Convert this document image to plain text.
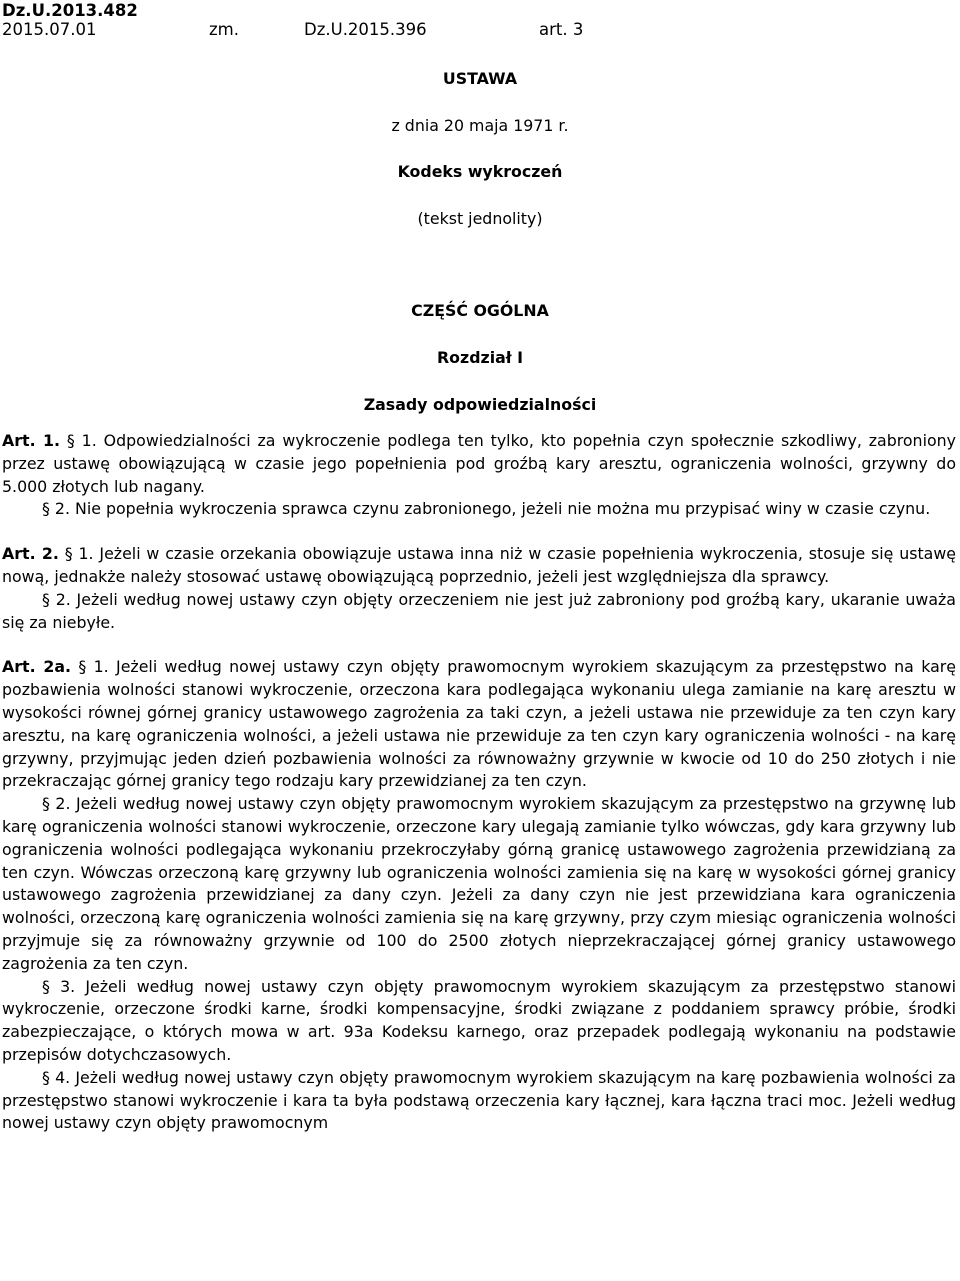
Dz.U.2013.482
2015.07.01	zm.	Dz.U.2015.396	art. 3
USTAWA
z dnia 20 maja 1971 r.
Kodeks wykroczeń
(tekst jednolity)
CZĘŚĆ OGÓLNA
Rozdział I
Zasady odpowiedzialności

Art. 1. § 1. Odpowiedzialności za wykroczenie podlega ten tylko, kto popełnia czyn społecznie szkodliwy, zabroniony przez ustawę obowiązującą w czasie jego popełnienia pod groźbą kary aresztu, ograniczenia wolności, grzywny do 5.000 złotych lub nagany.

§ 2. Nie popełnia wykroczenia sprawca czynu zabronionego, jeżeli nie można mu przypisać winy w czasie czynu.

Art. 2. § 1. Jeżeli w czasie orzekania obowiązuje ustawa inna niż w czasie popełnienia wykroczenia, stosuje się ustawę nową, jednakże należy stosować ustawę obowiązującą poprzednio, jeżeli jest względniejsza dla sprawcy.

§ 2. Jeżeli według nowej ustawy czyn objęty orzeczeniem nie jest już zabroniony pod groźbą kary, ukaranie uważa się za niebyłe.

Art. 2a. § 1. Jeżeli według nowej ustawy czyn objęty prawomocnym wyrokiem skazującym za przestępstwo na karę pozbawienia wolności stanowi wykroczenie, orzeczona kara podlegająca wykonaniu ulega zamianie na karę aresztu w wysokości równej górnej granicy ustawowego zagrożenia za taki czyn, a jeżeli ustawa nie przewiduje za ten czyn kary aresztu, na karę ograniczenia wolności, a jeżeli ustawa nie przewiduje za ten czyn kary ograniczenia wolności - na karę grzywny, przyjmując jeden dzień pozbawienia wolności za równoważny grzywnie w kwocie od 10 do 250 złotych i nie przekraczając górnej granicy tego rodzaju kary przewidzianej za ten czyn.

§ 2. Jeżeli według nowej ustawy czyn objęty prawomocnym wyrokiem skazującym za przestępstwo na grzywnę lub karę ograniczenia wolności stanowi wykroczenie, orzeczone kary ulegają zamianie tylko wówczas, gdy kara grzywny lub ograniczenia wolności podlegająca wykonaniu przekroczyłaby górną granicę ustawowego zagrożenia przewidzianą za ten czyn. Wówczas orzeczoną karę grzywny lub ograniczenia wolności zamienia się na karę w wysokości górnej granicy ustawowego zagrożenia przewidzianej za dany czyn. Jeżeli za dany czyn nie jest przewidziana kara ograniczenia wolności, orzeczoną karę ograniczenia wolności zamienia się na karę grzywny, przy czym miesiąc ograniczenia wolności przyjmuje się za równoważny grzywnie od 100 do 2500 złotych nieprzekraczającej górnej granicy ustawowego zagrożenia za ten czyn.

§ 3. Jeżeli według nowej ustawy czyn objęty prawomocnym wyrokiem skazującym za przestępstwo stanowi wykroczenie, orzeczone środki karne, środki kompensacyjne, środki związane z poddaniem sprawcy próbie, środki zabezpieczające, o których mowa w art. 93a Kodeksu karnego, oraz przepadek podlegają wykonaniu na podstawie przepisów dotychczasowych.

§ 4. Jeżeli według nowej ustawy czyn objęty prawomocnym wyrokiem skazującym na karę pozbawienia wolności za przestępstwo stanowi wykroczenie i kara ta była podstawą orzeczenia kary łącznej, kara łączna traci moc. Jeżeli według nowej ustawy czyn objęty prawomocnym
